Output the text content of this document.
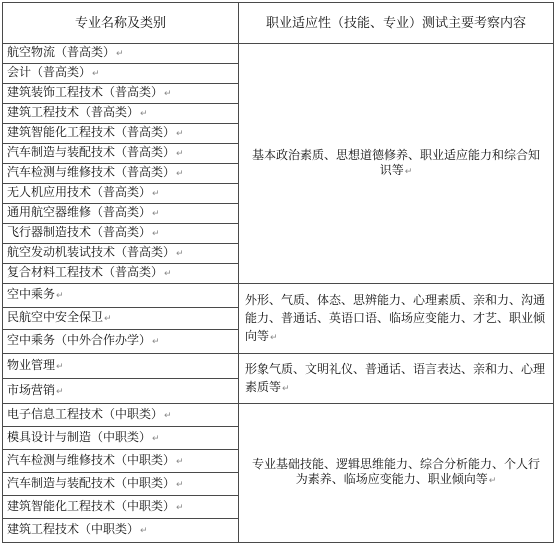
专业名称及类别	职业适应性（技能、专业）测试主要考察内容
航空物流（普高类） ↵	基本政治素质、思想道德修养、职业适应能力和综合知识等 ↵
会计（普高类） ↵
建筑装饰工程技术（普高类） ↵
建筑工程技术（普高类） ↵
建筑智能化工程技术（普高类） ↵
汽车制造与装配技术（普高类） ↵
汽车检测与维修技术（普高类） ↵
无人机应用技术（普高类） ↵
通用航空器维修（普高类） ↵
飞行器制造技术（普高类） ↵
航空发动机装试技术（普高类） ↵
复合材料工程技术（普高类） ↵
空中乘务 ↵	外形、气质、体态、思辨能力、心理素质、亲和力、沟通能力、普通话、英语口语、临场应变能力、才艺、职业倾向等 ↵
民航空中安全保卫 ↵
空中乘务（中外合作办学） ↵
物业管理 ↵	形象气质、文明礼仪、普通话、语言表达、亲和力、心理素质等 ↵
市场营销 ↵
电子信息工程技术（中职类） ↵	专业基础技能、逻辑思维能力、综合分析能力、个人行为素养、临场应变能力、职业倾向等 ↵
模具设计与制造（中职类） ↵
汽车检测与维修技术（中职类） ↵
汽车制造与装配技术（中职类） ↵
建筑智能化工程技术（中职类） ↵
建筑工程技术（中职类） ↵
